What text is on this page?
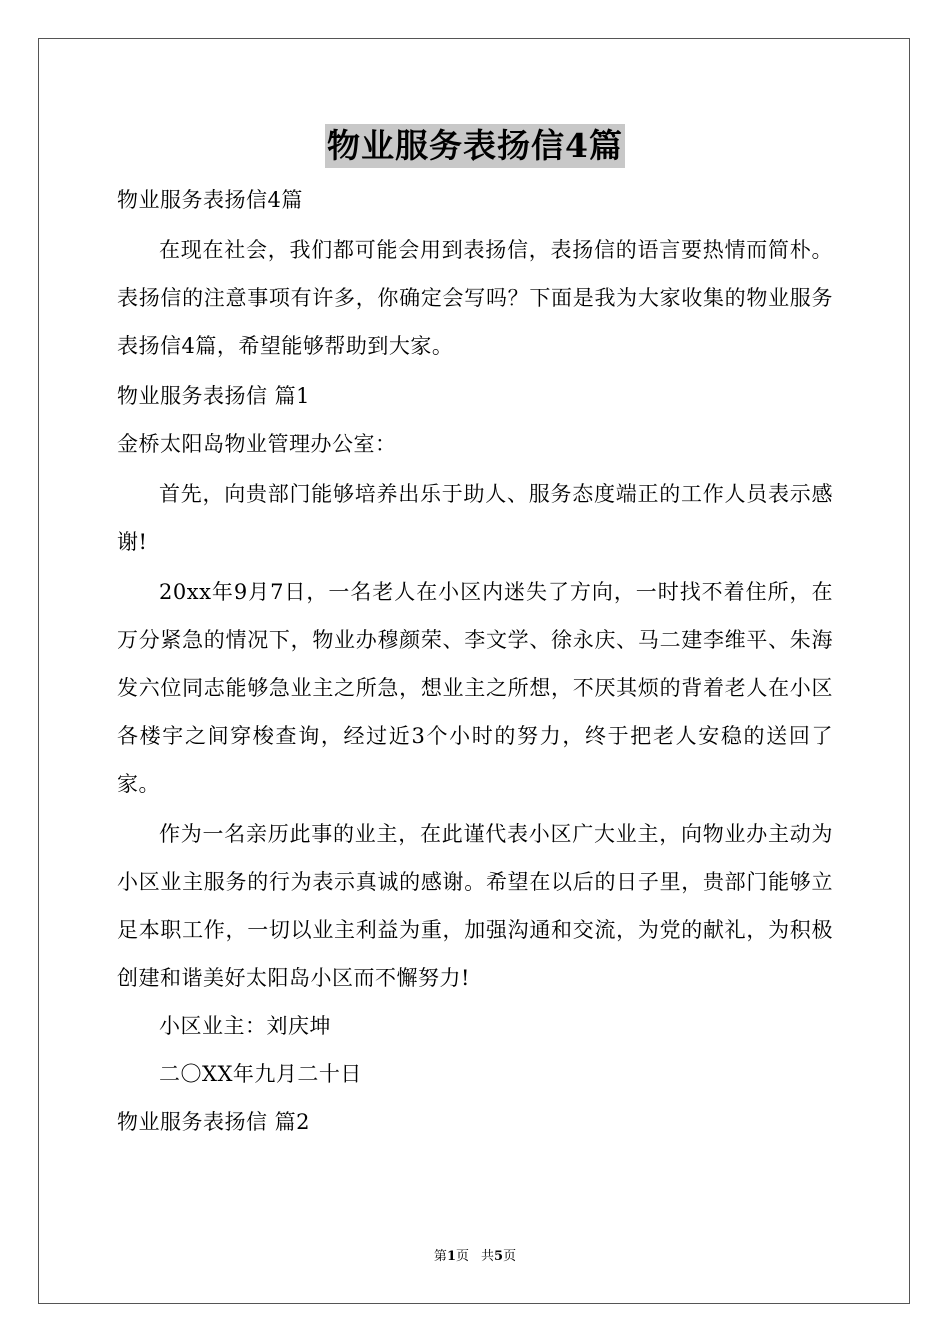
物业服务表扬信4篇

物业服务表扬信4篇

在现在社会，我们都可能会用到表扬信，表扬信的语言要热情而简朴。表扬信的注意事项有许多，你确定会写吗？下面是我为大家收集的物业服务表扬信4篇，希望能够帮助到大家。

物业服务表扬信 篇1

金桥太阳岛物业管理办公室：

首先，向贵部门能够培养出乐于助人、服务态度端正的工作人员表示感谢!

20xx年9月7日，一名老人在小区内迷失了方向，一时找不着住所，在万分紧急的情况下，物业办穆颜荣、李文学、徐永庆、马二建李维平、朱海发六位同志能够急业主之所急，想业主之所想，不厌其烦的背着老人在小区各楼宇之间穿梭查询，经过近3个小时的努力，终于把老人安稳的送回了家。

作为一名亲历此事的业主，在此谨代表小区广大业主，向物业办主动为小区业主服务的行为表示真诚的感谢。希望在以后的日子里，贵部门能够立足本职工作，一切以业主利益为重，加强沟通和交流，为党的献礼，为积极创建和谐美好太阳岛小区而不懈努力!

小区业主：刘庆坤

二〇XX年九月二十日

物业服务表扬信 篇2

第1页 共5页
